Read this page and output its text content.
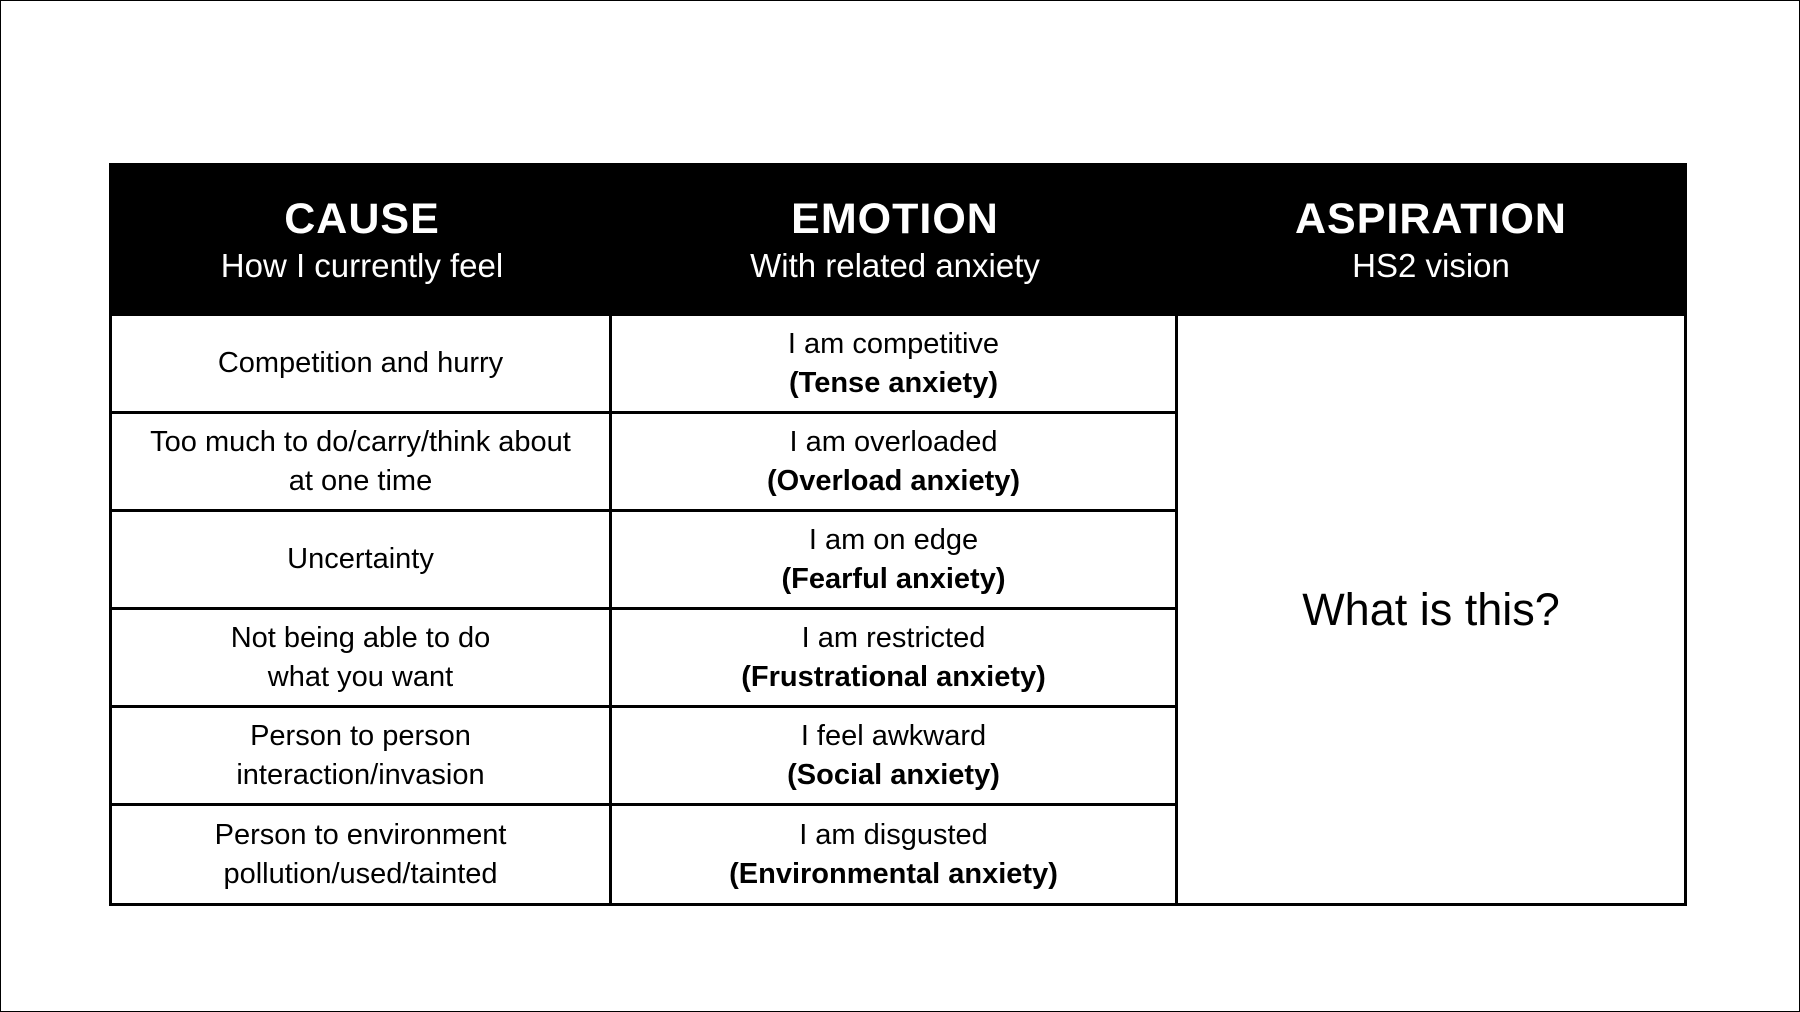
CAUSE
How I currently feel
EMOTION
With related anxiety
ASPIRATION
HS2 vision
Competition and hurry
I am competitive
(Tense anxiety)
Too much to do/carry/think about
at one time
I am overloaded
(Overload anxiety)
Uncertainty
I am on edge
(Fearful anxiety)
Not being able to do
what you want
I am restricted
(Frustrational anxiety)
Person to person
interaction/invasion
I feel awkward
(Social anxiety)
Person to environment
pollution/used/tainted
I am disgusted
(Environmental anxiety)
What is this?
